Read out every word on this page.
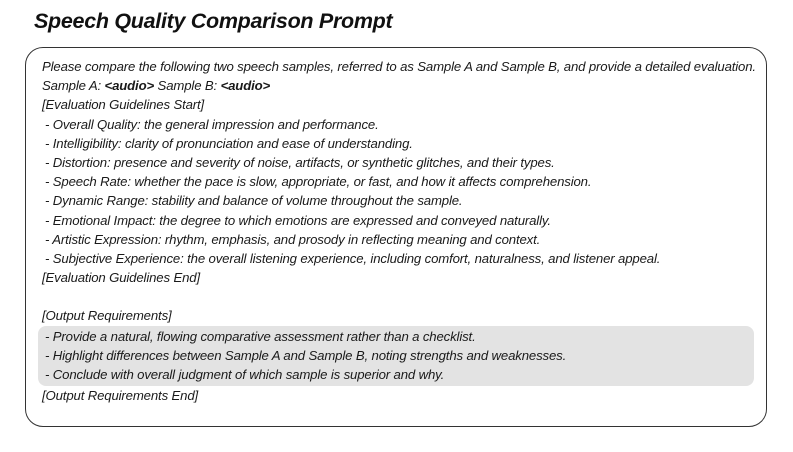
Speech Quality Comparison Prompt
Please compare the following two speech samples, referred to as Sample A and Sample B, and provide a detailed evaluation.
Sample A: <audio> Sample B: <audio>
[Evaluation Guidelines Start]
- Overall Quality: the general impression and performance.
- Intelligibility: clarity of pronunciation and ease of understanding.
- Distortion: presence and severity of noise, artifacts, or synthetic glitches, and their types.
- Speech Rate: whether the pace is slow, appropriate, or fast, and how it affects comprehension.
- Dynamic Range: stability and balance of volume throughout the sample.
- Emotional Impact: the degree to which emotions are expressed and conveyed naturally.
- Artistic Expression: rhythm, emphasis, and prosody in reflecting meaning and context.
- Subjective Experience: the overall listening experience, including comfort, naturalness, and listener appeal.
[Evaluation Guidelines End]
[Output Requirements]
- Provide a natural, flowing comparative assessment rather than a checklist.
- Highlight differences between Sample A and Sample B, noting strengths and weaknesses.
- Conclude with overall judgment of which sample is superior and why.
[Output Requirements End]
